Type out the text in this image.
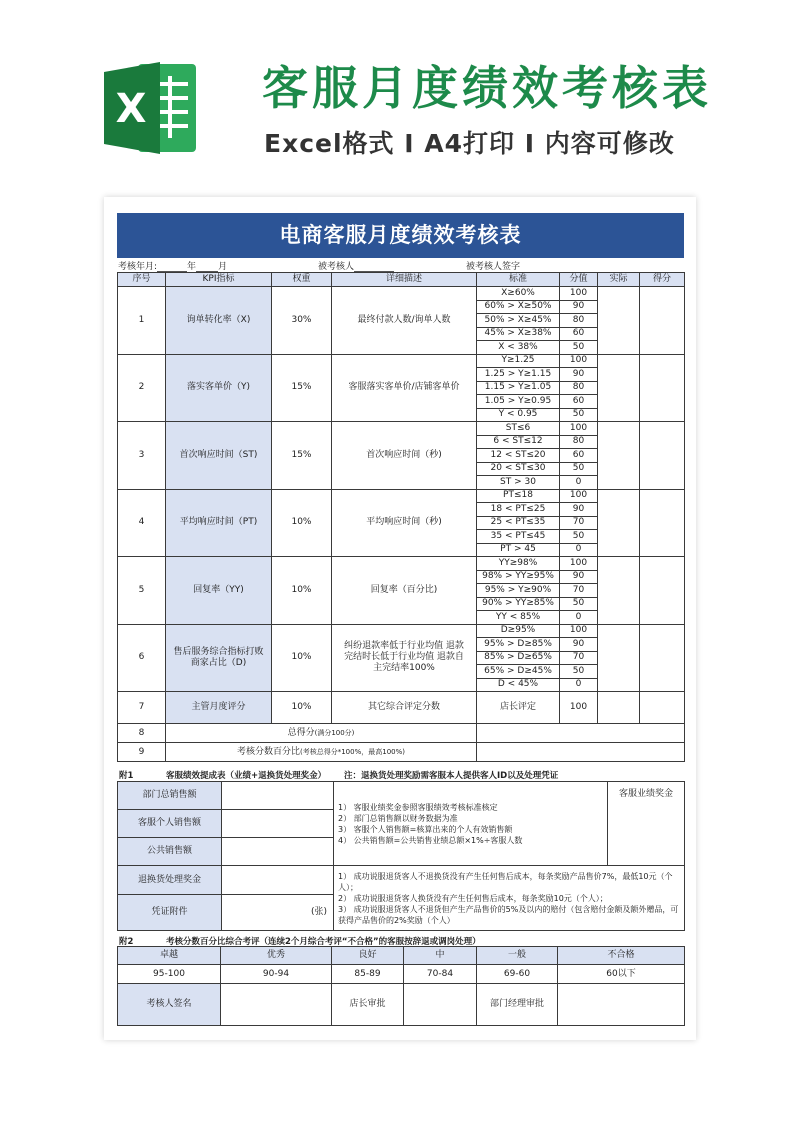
X	客服月度绩效考核表
Excel格式 Ι A4打印 Ι 内容可修改
电商客服月度绩效考核表
考核年月:	年 月	被考核人	被考核人签字
序号	KPI指标	权重	详细描述	标准	分值	实际	得分
1	询单转化率（X)	30%	最终付款人数/询单人数	X≥60%	100		
				60% > X≥50%	90		
				50% > X≥45%	80		
				45% > X≥38%	60		
				X < 38%	50		
2	落实客单价（Y)	15%	客服落实客单价/店铺客单价	Y≥1.25	100		
				1.25 > Y≥1.15	90		
				1.15 > Y≥1.05	80		
				1.05 > Y≥0.95	60		
				Y < 0.95	50		
3	首次响应时间（ST)	15%	首次响应时间（秒)	ST≤6	100		
				6 < ST≤12	80		
				12 < ST≤20	60		
				20 < ST≤30	50		
				ST > 30	0		
4	平均响应时间（PT)	10%	平均响应时间（秒)	PT≤18	100		
				18 < PT≤25	90		
				25 < PT≤35	70		
				35 < PT≤45	50		
				PT > 45	0		
5	回复率（YY)	10%	回复率（百分比)	YY≥98%	100		
				98% > YY≥95%	90		
				95% > Y≥90%	70		
				90% > YY≥85%	50		
				YY < 85%	0		
6	售后服务综合指标打败商家占比（D)	10%	纠纷退款率低于行业均值 退款完结时长低于行业均值 退款自主完结率100%	D≥95%	100		
				95% > D≥85%	90		
				85% > D≥65%	70		
				65% > D≥45%	50		
				D < 45%	0		
7	主管月度评分	10%	其它综合评定分数	店长评定	100		
8	总得分(满分100分)						
9	考核分数百分比(考核总得分*100%，最高100%)						
附1	客服绩效提成表（业绩+退换货处理奖金） 注：退换货处理奖励需客服本人提供客人ID以及处理凭证
部门总销售额		1） 客服业绩奖金参照客服绩效考核标准核定
2） 部门总销售额以财务数据为准
3） 客服个人销售额=核算出来的个人有效销售额
4） 公共销售额=公共销售业绩总额×1%÷客服人数	客服业绩奖金
客服个人销售额			
公共销售额			
退换货处理奖金		1） 成功说服退货客人不退换货没有产生任何售后成本，每条奖励产品售价7%，最低10元（个人）；
2） 成功说服退货客人换货没有产生任何售后成本，每条奖励10元（个人）；
3） 成功说服退货客人不退货但产生产品售价的5%及以内的赔付（包含赔付金额及额外赠品，可获得产品售价的2%奖励（个人）	

凭证附件	(张)		
附2	考核分数百分比综合考评（连续2个月综合考评“不合格”的客服按辞退或调岗处理）
卓越	优秀	良好	中	一般	不合格
95-100	90-94	85-89	70-84	69-60	60以下
考核人签名		店长审批		部门经理审批	
